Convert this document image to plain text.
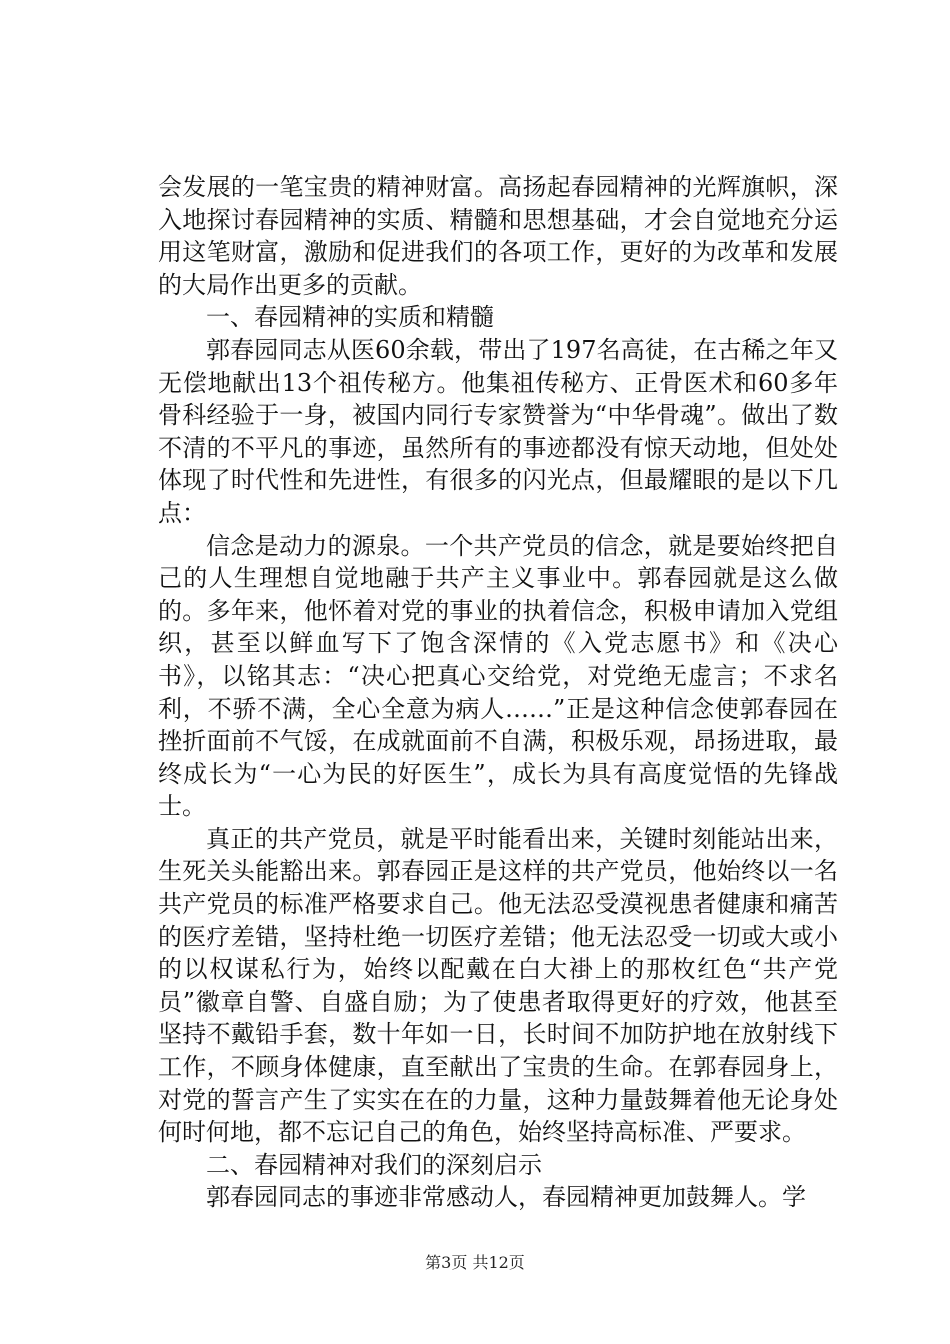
会发展的一笔宝贵的精神财富。高扬起春园精神的光辉旗帜，深入地探讨春园精神的实质、精髓和思想基础，才会自觉地充分运用这笔财富，激励和促进我们的各项工作，更好的为改革和发展的大局作出更多的贡献。

一、春园精神的实质和精髓

郭春园同志从医60余载，带出了197名高徒，在古稀之年又无偿地献出13个祖传秘方。他集祖传秘方、正骨医术和60多年骨科经验于一身，被国内同行专家赞誉为“中华骨魂”。做出了数不清的不平凡的事迹，虽然所有的事迹都没有惊天动地，但处处体现了时代性和先进性，有很多的闪光点，但最耀眼的是以下几点：

信念是动力的源泉。一个共产党员的信念，就是要始终把自己的人生理想自觉地融于共产主义事业中。郭春园就是这么做的。多年来，他怀着对党的事业的执着信念，积极申请加入党组织，甚至以鲜血写下了饱含深情的《入党志愿书》和《决心书》，以铭其志：“决心把真心交给党，对党绝无虚言；不求名利，不骄不满，全心全意为病人……”正是这种信念使郭春园在挫折面前不气馁，在成就面前不自满，积极乐观，昂扬进取，最终成长为“一心为民的好医生”，成长为具有高度觉悟的先锋战士。

真正的共产党员，就是平时能看出来，关键时刻能站出来，生死关头能豁出来。郭春园正是这样的共产党员，他始终以一名共产党员的标准严格要求自己。他无法忍受漠视患者健康和痛苦的医疗差错，坚持杜绝一切医疗差错；他无法忍受一切或大或小的以权谋私行为，始终以配戴在白大褂上的那枚红色“共产党员”徽章自警、自盛自励；为了使患者取得更好的疗效，他甚至坚持不戴铅手套，数十年如一日，长时间不加防护地在放射线下工作，不顾身体健康，直至献出了宝贵的生命。在郭春园身上，对党的誓言产生了实实在在的力量，这种力量鼓舞着他无论身处何时何地，都不忘记自己的角色，始终坚持高标准、严要求。

二、春园精神对我们的深刻启示

郭春园同志的事迹非常感动人，春园精神更加鼓舞人。学

第3页 共12页
